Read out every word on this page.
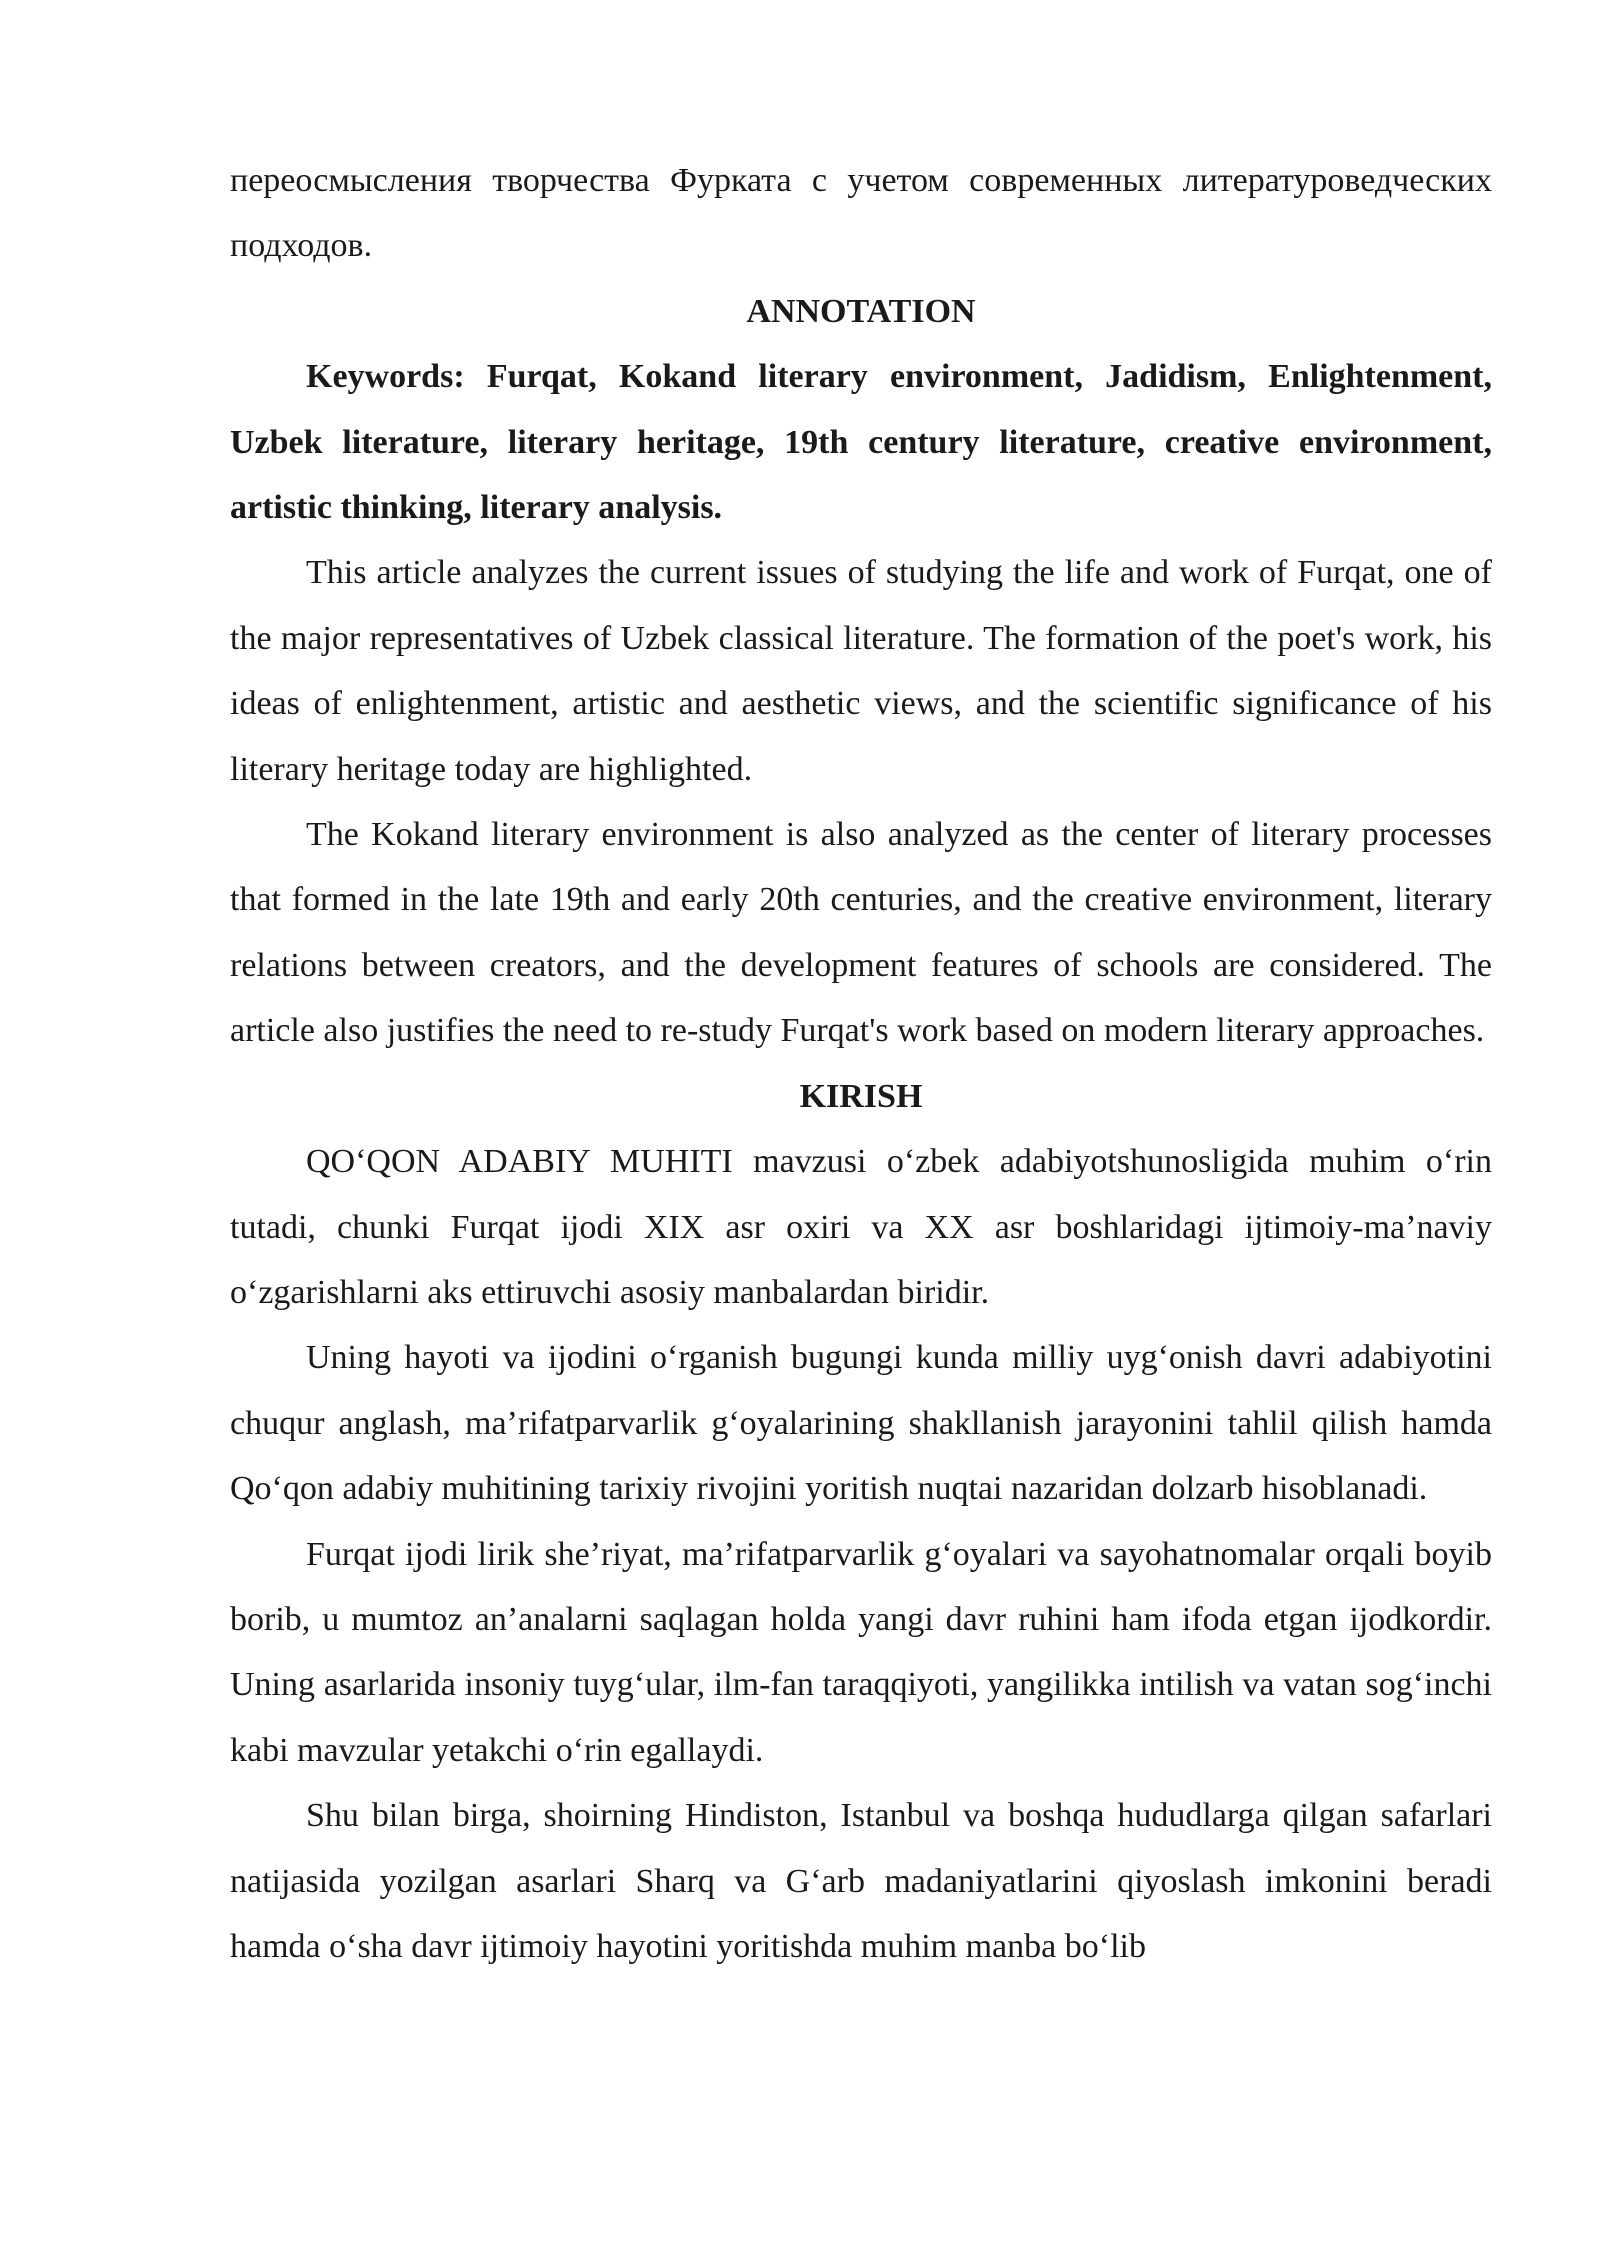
переосмысления творчества Фурката с учетом современных литературоведческих подходов.

ANNOTATION

Keywords: Furqat, Kokand literary environment, Jadidism, Enlightenment, Uzbek literature, literary heritage, 19th century literature, creative environment, artistic thinking, literary analysis.

This article analyzes the current issues of studying the life and work of Furqat, one of the major representatives of Uzbek classical literature. The formation of the poet's work, his ideas of enlightenment, artistic and aesthetic views, and the scientific significance of his literary heritage today are highlighted.

The Kokand literary environment is also analyzed as the center of literary processes that formed in the late 19th and early 20th centuries, and the creative environment, literary relations between creators, and the development features of schools are considered. The article also justifies the need to re-study Furqat's work based on modern literary approaches.

KIRISH

QO‘QON ADABIY MUHITI mavzusi o‘zbek adabiyotshunosligida muhim o‘rin tutadi, chunki Furqat ijodi XIX asr oxiri va XX asr boshlaridagi ijtimoiy-ma’naviy o‘zgarishlarni aks ettiruvchi asosiy manbalardan biridir.

Uning hayoti va ijodini o‘rganish bugungi kunda milliy uyg‘onish davri adabiyotini chuqur anglash, ma’rifatparvarlik g‘oyalarining shakllanish jarayonini tahlil qilish hamda Qo‘qon adabiy muhitining tarixiy rivojini yoritish nuqtai nazaridan dolzarb hisoblanadi.

Furqat ijodi lirik she’riyat, ma’rifatparvarlik g‘oyalari va sayohatnomalar orqali boyib borib, u mumtoz an’analarni saqlagan holda yangi davr ruhini ham ifoda etgan ijodkordir. Uning asarlarida insoniy tuyg‘ular, ilm-fan taraqqiyoti, yangilikka intilish va vatan sog‘inchi kabi mavzular yetakchi o‘rin egallaydi.

Shu bilan birga, shoirning Hindiston, Istanbul va boshqa hududlarga qilgan safarlari natijasida yozilgan asarlari Sharq va G‘arb madaniyatlarini qiyoslash imkonini beradi hamda o‘sha davr ijtimoiy hayotini yoritishda muhim manba bo‘lib
